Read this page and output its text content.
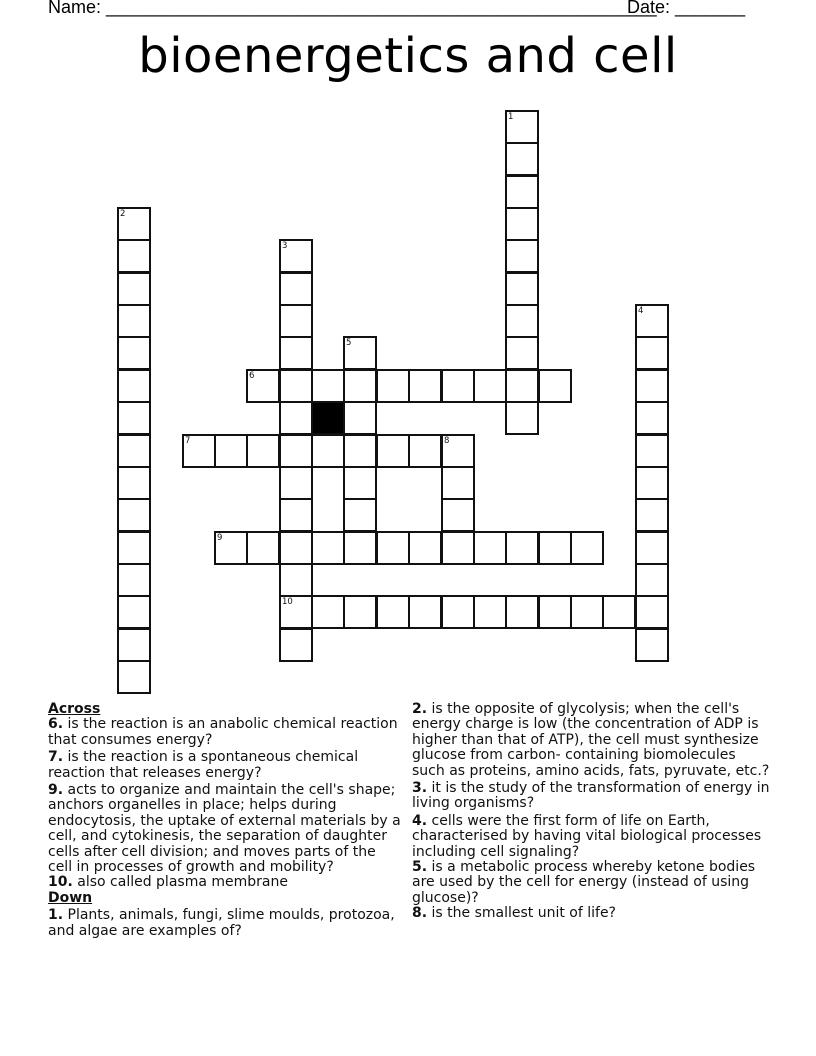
Name: _______________________________________________________
Date: _______
bioenergetics and cell
1
2
3
10
4
5
6
7	8
9
Across
6. is the reaction is an anabolic chemical reaction that consumes energy?
7. is the reaction is a spontaneous chemical reaction that releases energy?
9. acts to organize and maintain the cell's shape; anchors organelles in place; helps during endocytosis, the uptake of external materials by a cell, and cytokinesis, the separation of daughter cells after cell division; and moves parts of the cell in processes of growth and mobility?
10. also called plasma membrane
Down
1. Plants, animals, fungi, slime moulds, protozoa, and algae are examples of?
2. is the opposite of glycolysis; when the cell's energy charge is low (the concentration of ADP is higher than that of ATP), the cell must synthesize glucose from carbon- containing biomolecules such as proteins, amino acids, fats, pyruvate, etc.?
3. it is the study of the transformation of energy in living organisms?
4. cells were the first form of life on Earth, characterised by having vital biological processes including cell signaling?
5. is a metabolic process whereby ketone bodies are used by the cell for energy (instead of using glucose)?
8. is the smallest unit of life?
